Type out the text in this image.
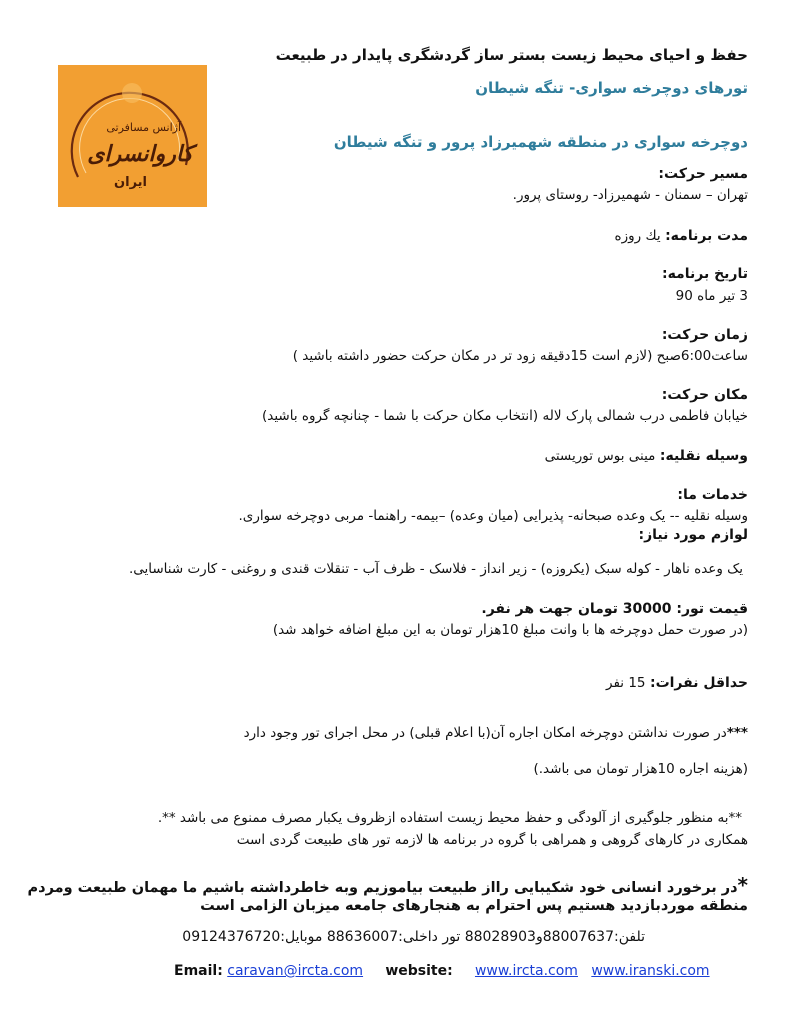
آژانس مسافرتی
کاروانسرای
ایران
حفظ و احیای محیط زیست بستر ساز گردشگری پایدار در طبیعت
تورهای دوچرخه سواری- تنگه شیطان
دوچرخه سواری در منطقه شهمیرزاد پرور و تنگه شیطان
مسیر حرکت:
تهران – سمنان - شهمیرزاد- روستای پرور.
مدت برنامه: یك روزه
تاریخ برنامه:
3 تیر ماه 90
زمان حرکت:
ساعت6:00صبح (لازم است 15دقیقه زود تر در مکان حرکت حضور داشته باشید )
مکان حرکت:
خیابان فاطمی درب شمالی پارک لاله (انتخاب مکان حرکت با شما - چنانچه گروه باشید)
وسیله نقلیه: مینی بوس توریستی
خدمات ما:
وسیله نقلیه -- یک وعده صبحانه- پذیرایی (میان وعده) –بیمه- راهنما- مربی دوچرخه سواری.
لوازم مورد نیاز:
یک وعده ناهار - کوله سبک (یکروزه) - زیر انداز - فلاسک - ظرف آب - تنقلات قندی و روغنی - کارت شناسایی.
قیمت تور: 30000 تومان جهت هر نفر.
(در صورت حمل دوچرخه ها با وانت مبلغ 10هزار تومان به این مبلغ اضافه خواهد شد)
حداقل نفرات: 15 نفر
***در صورت نداشتن دوچرخه امکان اجاره آن(با اعلام قبلی) در محل اجرای تور وجود دارد
(هزینه اجاره 10هزار تومان می باشد.)
**به منظور جلوگیری از آلودگی و حفظ محیط زیست استفاده ازظروف یکبار مصرف ممنوع می باشد **.
همکاری در کارهای گروهی و همراهی با گروه در برنامه ها لازمه تور های طبیعت گردی است
*در برخورد انسانی خود شکیبایی رااز طبیعت بیاموزیم وبه خاطرداشته باشیم ما مهمان طبیعت ومردم
منطقه موردبازدید هستیم پس احترام به هنجارهای جامعه میزبان الزامی است
تلفن:88007637و88028903 تور داخلی:88636007 موبایل:09124376720
Email: caravan@ircta.com website: www.ircta.com www.iranski.com
